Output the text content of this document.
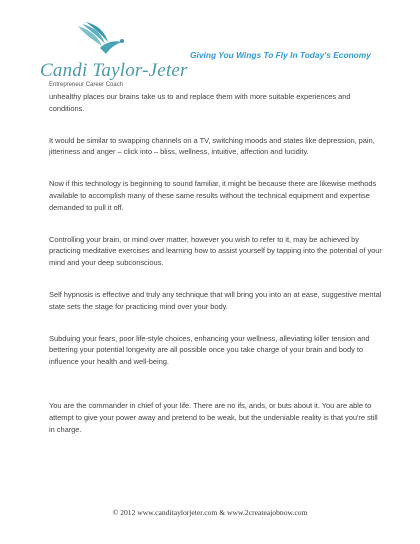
Candi Taylor-Jeter
Entrepreneur Career Coach
Giving You Wings To Fly In Today's Economy

unhealthy places our brains take us to and replace them with more suitable experiences and conditions.

It would be similar to swapping channels on a TV, switching moods and states like depression, pain, jitteriness and anger – click into – bliss, wellness, intuitive, affection and lucidity.

Now if this technology is beginning to sound familiar, it might be because there are likewise methods available to accomplish many of these same results without the technical equipment and expertise demanded to pull it off.

Controlling your brain, or mind over matter, however you wish to refer to it, may be achieved by practicing meditative exercises and learning how to assist yourself by tapping into the potential of your mind and your deep subconscious.

Self hypnosis is effective and truly any technique that will bring you into an at ease, suggestive mental state sets the stage for practicing mind over your body.

Subduing your fears, poor life-style choices, enhancing your wellness, alleviating killer tension and bettering your potential longevity are all possible once you take charge of your brain and body to influence your health and well-being.

You are the commander in chief of your life. There are no ifs, ands, or buts about it. You are able to attempt to give your power away and pretend to be weak, but the undeniable reality is that you're still in charge.

© 2012 www.canditaylorjeter.com & www.2createajobnow.com
